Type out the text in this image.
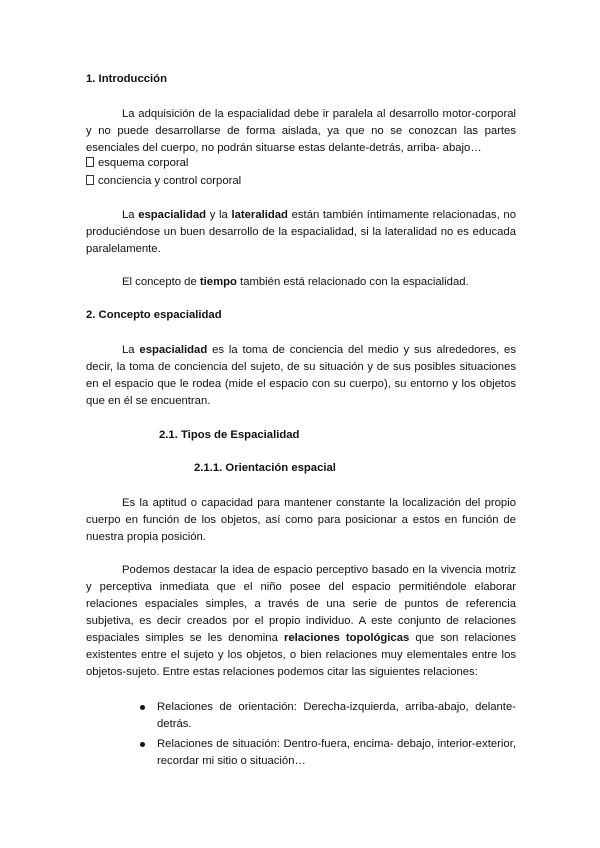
1. Introducción

La adquisición de la espacialidad debe ir paralela al desarrollo motor-corporal y no puede desarrollarse de forma aislada, ya que no se conozcan las partes esenciales del cuerpo, no podrán situarse estas delante-detrás, arriba- abajo…

esquema corporal
conciencia y control corporal

La espacialidad y la lateralidad están también íntimamente relacionadas, no produciéndose un buen desarrollo de la espacialidad, si la lateralidad no es educada paralelamente.

El concepto de tiempo también está relacionado con la espacialidad.

2. Concepto espacialidad

La espacialidad es la toma de conciencia del medio y sus alrededores, es decir, la toma de conciencia del sujeto, de su situación y de sus posibles situaciones en el espacio que le rodea (mide el espacio con su cuerpo), su entorno y los objetos que en él se encuentran.

2.1. Tipos de Espacialidad
2.1.1. Orientación espacial

Es la aptitud o capacidad para mantener constante la localización del propio cuerpo en función de los objetos, así como para posicionar a estos en función de nuestra propia posición.

Podemos destacar la idea de espacio perceptivo basado en la vivencia motriz y perceptiva inmediata que el niño posee del espacio permitiéndole elaborar relaciones espaciales simples, a través de una serie de puntos de referencia subjetiva, es decir creados por el propio individuo. A este conjunto de relaciones espaciales simples se les denomina relaciones topológicas que son relaciones existentes entre el sujeto y los objetos, o bien relaciones muy elementales entre los objetos-sujeto. Entre estas relaciones podemos citar las siguientes relaciones:

Relaciones de orientación: Derecha-izquierda, arriba-abajo, delante-detrás.
Relaciones de situación: Dentro-fuera, encima- debajo, interior-exterior, recordar mi sitio o situación…
